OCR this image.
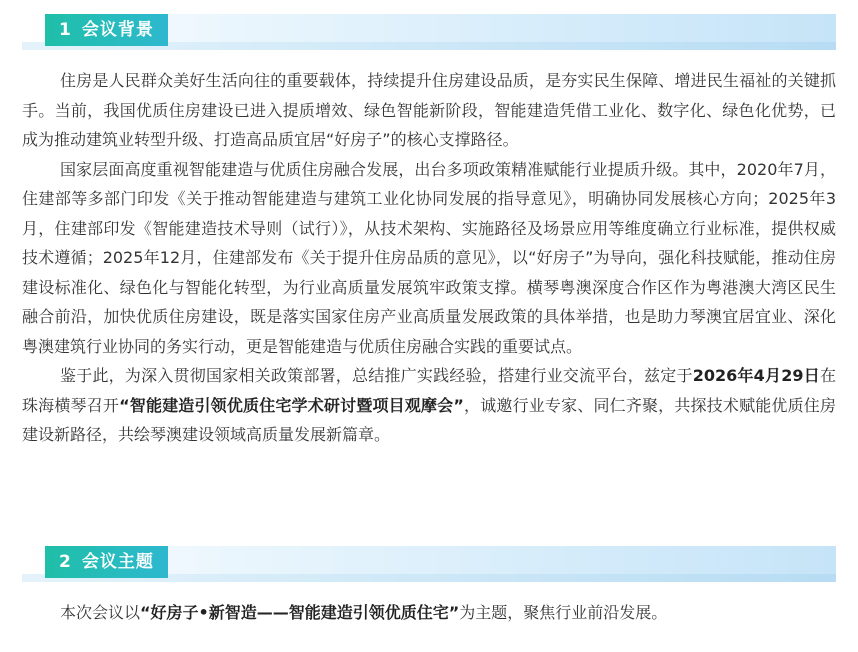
1 会议背景

住房是人民群众美好生活向往的重要载体，持续提升住房建设品质，是夯实民生保障、增进民生福祉的关键抓手。当前，我国优质住房建设已进入提质增效、绿色智能新阶段，智能建造凭借工业化、数字化、绿色化优势，已成为推动建筑业转型升级、打造高品质宜居“好房子”的核心支撑路径。

国家层面高度重视智能建造与优质住房融合发展，出台多项政策精准赋能行业提质升级。其中，2020年7月，住建部等多部门印发《关于推动智能建造与建筑工业化协同发展的指导意见》，明确协同发展核心方向；2025年3月，住建部印发《智能建造技术导则（试行）》，从技术架构、实施路径及场景应用等维度确立行业标准，提供权威技术遵循；2025年12月，住建部发布《关于提升住房品质的意见》，以“好房子”为导向，强化科技赋能，推动住房建设标准化、绿色化与智能化转型，为行业高质量发展筑牢政策支撑。横琴粤澳深度合作区作为粤港澳大湾区民生融合前沿，加快优质住房建设，既是落实国家住房产业高质量发展政策的具体举措，也是助力琴澳宜居宜业、深化粤澳建筑行业协同的务实行动，更是智能建造与优质住房融合实践的重要试点。

鉴于此，为深入贯彻国家相关政策部署，总结推广实践经验，搭建行业交流平台，兹定于2026年4月29日在珠海横琴召开“智能建造引领优质住宅学术研讨暨项目观摩会”，诚邀行业专家、同仁齐聚，共探技术赋能优质住房建设新路径，共绘琴澳建设领域高质量发展新篇章。

2 会议主题

本次会议以“好房子•新智造——智能建造引领优质住宅”为主题，聚焦行业前沿发展。
